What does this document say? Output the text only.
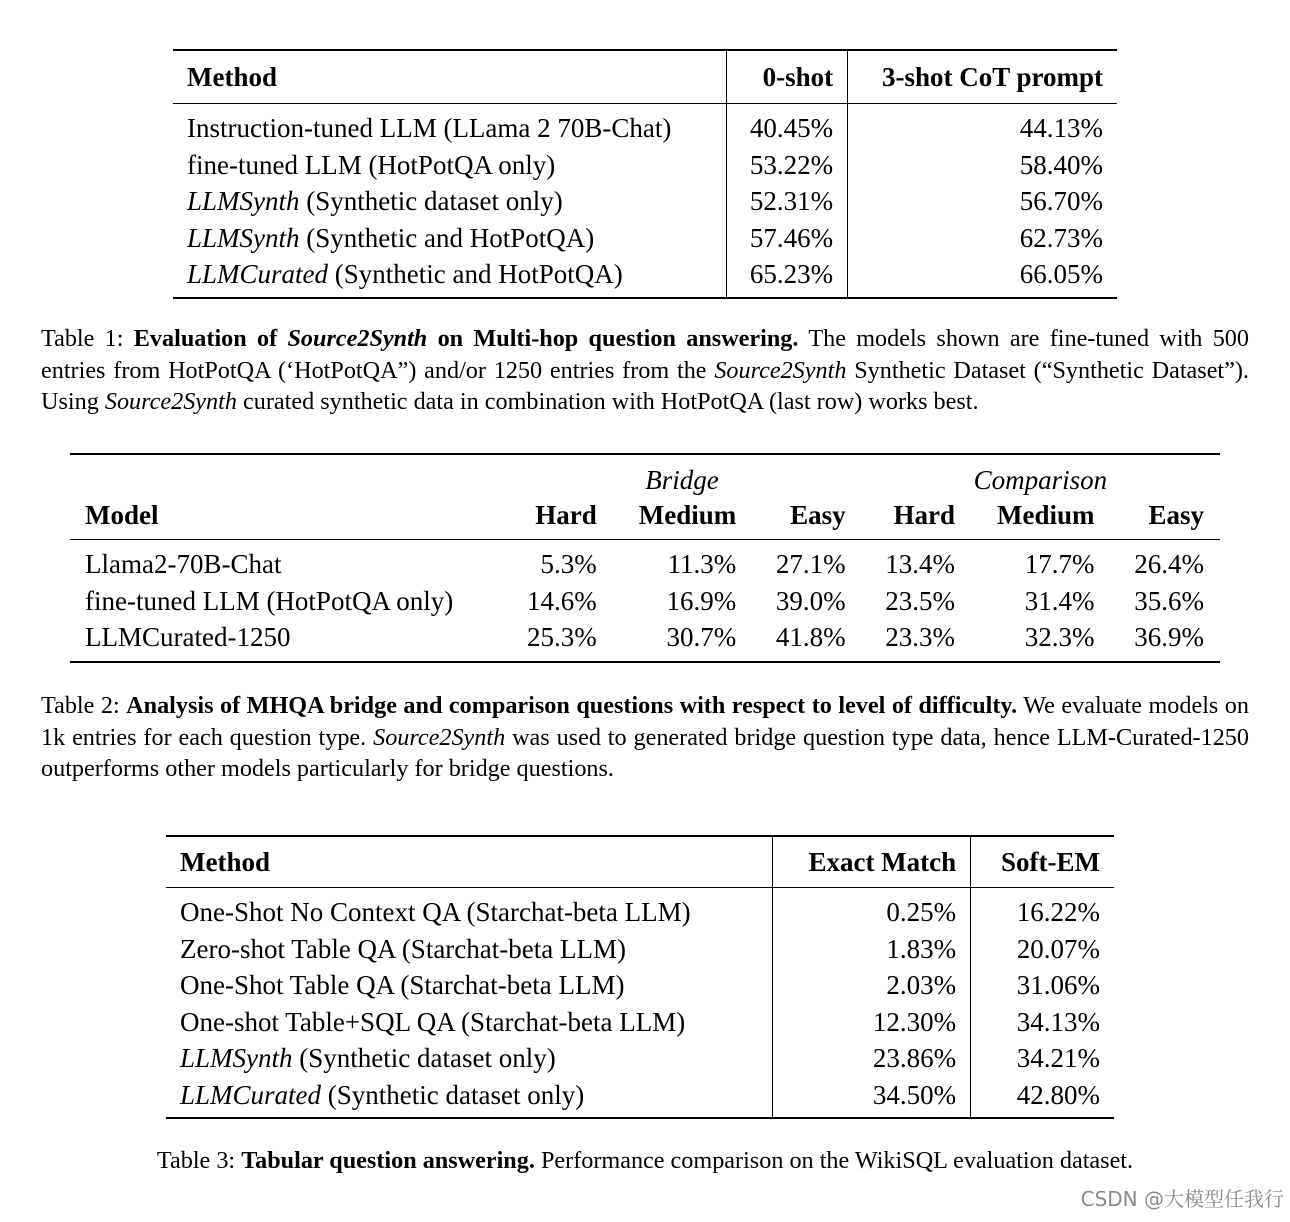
Method	0-shot	3-shot CoT prompt
Instruction-tuned LLM (LLama 2 70B-Chat)	40.45%	44.13%
fine-tuned LLM (HotPotQA only)	53.22%	58.40%
LLMSynth (Synthetic dataset only)	52.31%	56.70%
LLMSynth (Synthetic and HotPotQA)	57.46%	62.73%
LLMCurated (Synthetic and HotPotQA)	65.23%	66.05%
Table 1: Evaluation of Source2Synth on Multi-hop question answering. The models shown are fine-tuned with 500 entries from HotPotQA (‘HotPotQA”) and/or 1250 entries from the Source2Synth Synthetic Dataset (“Synthetic Dataset”). Using Source2Synth curated synthetic data in combination with HotPotQA (last row) works best.
	Bridge			Comparison		
Model	Hard	Medium	Easy	Hard	Medium	Easy
Llama2-70B-Chat	5.3%	11.3%	27.1%	13.4%	17.7%	26.4%
fine-tuned LLM (HotPotQA only)	14.6%	16.9%	39.0%	23.5%	31.4%	35.6%
LLMCurated-1250	25.3%	30.7%	41.8%	23.3%	32.3%	36.9%
Table 2: Analysis of MHQA bridge and comparison questions with respect to level of difficulty. We evaluate models on 1k entries for each question type. Source2Synth was used to generated bridge question type data, hence LLM-Curated-1250 outperforms other models particularly for bridge questions.
Method	Exact Match	Soft-EM
One-Shot No Context QA (Starchat-beta LLM)	0.25%	16.22%
Zero-shot Table QA (Starchat-beta LLM)	1.83%	20.07%
One-Shot Table QA (Starchat-beta LLM)	2.03%	31.06%
One-shot Table+SQL QA (Starchat-beta LLM)	12.30%	34.13%
LLMSynth (Synthetic dataset only)	23.86%	34.21%
LLMCurated (Synthetic dataset only)	34.50%	42.80%
Table 3: Tabular question answering. Performance comparison on the WikiSQL evaluation dataset.
CSDN @大模型任我行
